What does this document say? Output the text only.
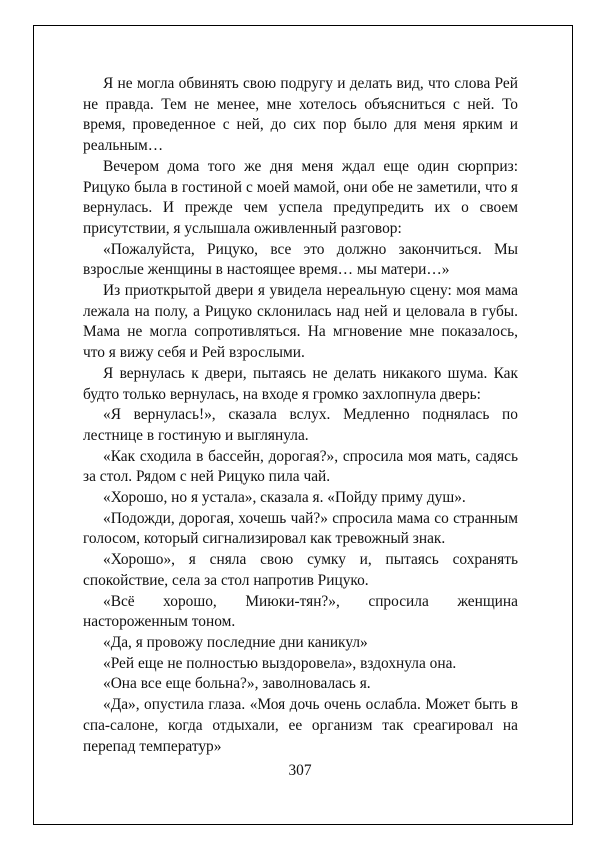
Я не могла обвинять свою подругу и делать вид, что слова Рей не правда. Тем не менее, мне хотелось объясниться с ней. То время, проведенное с ней, до сих пор было для меня ярким и реальным…

Вечером дома того же дня меня ждал еще один сюрприз: Рицуко была в гостиной с моей мамой, они обе не заметили, что я вернулась. И прежде чем успела предупредить их о своем присутствии, я услышала оживленный разговор:

«Пожалуйста, Рицуко, все это должно закончиться. Мы взрослые женщины в настоящее время… мы матери…»

Из приоткрытой двери я увидела нереальную сцену: моя мама лежала на полу, а Рицуко склонилась над ней и целовала в губы. Мама не могла сопротивляться. На мгновение мне показалось, что я вижу себя и Рей взрослыми.

Я вернулась к двери, пытаясь не делать никакого шума. Как будто только вернулась, на входе я громко захлопнула дверь:

«Я вернулась!», сказала вслух. Медленно поднялась по лестнице в гостиную и выглянула.

«Как сходила в бассейн, дорогая?», спросила моя мать, садясь за стол. Рядом с ней Рицуко пила чай.

«Хорошо, но я устала», сказала я. «Пойду приму душ».

«Подожди, дорогая, хочешь чай?» спросила мама со странным голосом, который сигнализировал как тревожный знак.

«Хорошо», я сняла свою сумку и, пытаясь сохранять спокойствие, села за стол напротив Рицуко.

«Всё хорошо, Миюки-тян?», спросила женщина настороженным тоном.

«Да, я провожу последние дни каникул»

«Рей еще не полностью выздоровела», вздохнула она.

«Она все еще больна?», заволновалась я.

«Да», опустила глаза. «Моя дочь очень ослабла. Может быть в спа-салоне, когда отдыхали, ее организм так среагировал на перепад температур»

307
